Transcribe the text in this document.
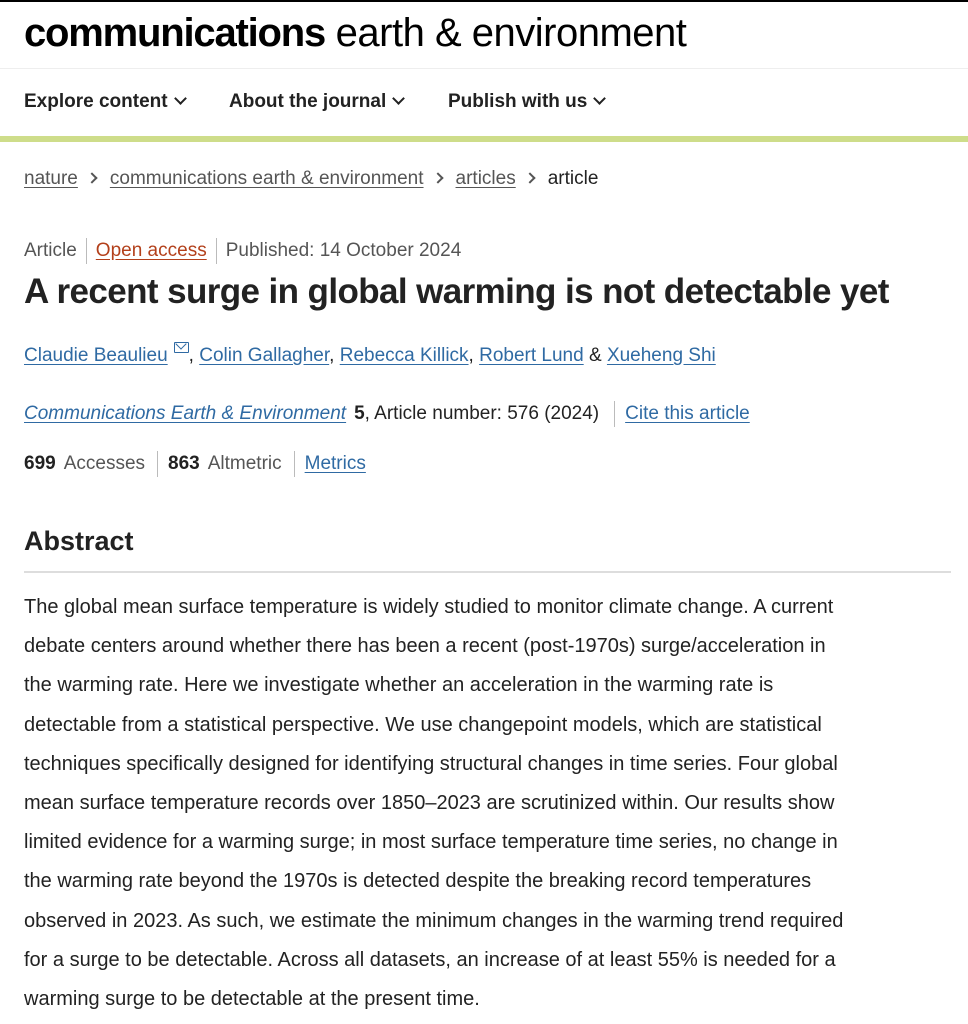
communications earth & environment
Explore content	About the journal	Publish with us
nature communications earth & environment articles article
Article Open access Published: 14 October 2024
A recent surge in global warming is not detectable yet
Claudie Beaulieu , Colin Gallagher, Rebecca Killick, Robert Lund & Xueheng Shi
Communications Earth & Environment 5, Article number: 576 (2024) Cite this article
699 Accesses 863 Altmetric Metrics
Abstract

The global mean surface temperature is widely studied to monitor climate change. A current
debate centers around whether there has been a recent (post-1970s) surge/acceleration in
the warming rate. Here we investigate whether an acceleration in the warming rate is
detectable from a statistical perspective. We use changepoint models, which are statistical
techniques specifically designed for identifying structural changes in time series. Four global
mean surface temperature records over 1850–2023 are scrutinized within. Our results show
limited evidence for a warming surge; in most surface temperature time series, no change in
the warming rate beyond the 1970s is detected despite the breaking record temperatures
observed in 2023. As such, we estimate the minimum changes in the warming trend required
for a surge to be detectable. Across all datasets, an increase of at least 55% is needed for a
warming surge to be detectable at the present time.
